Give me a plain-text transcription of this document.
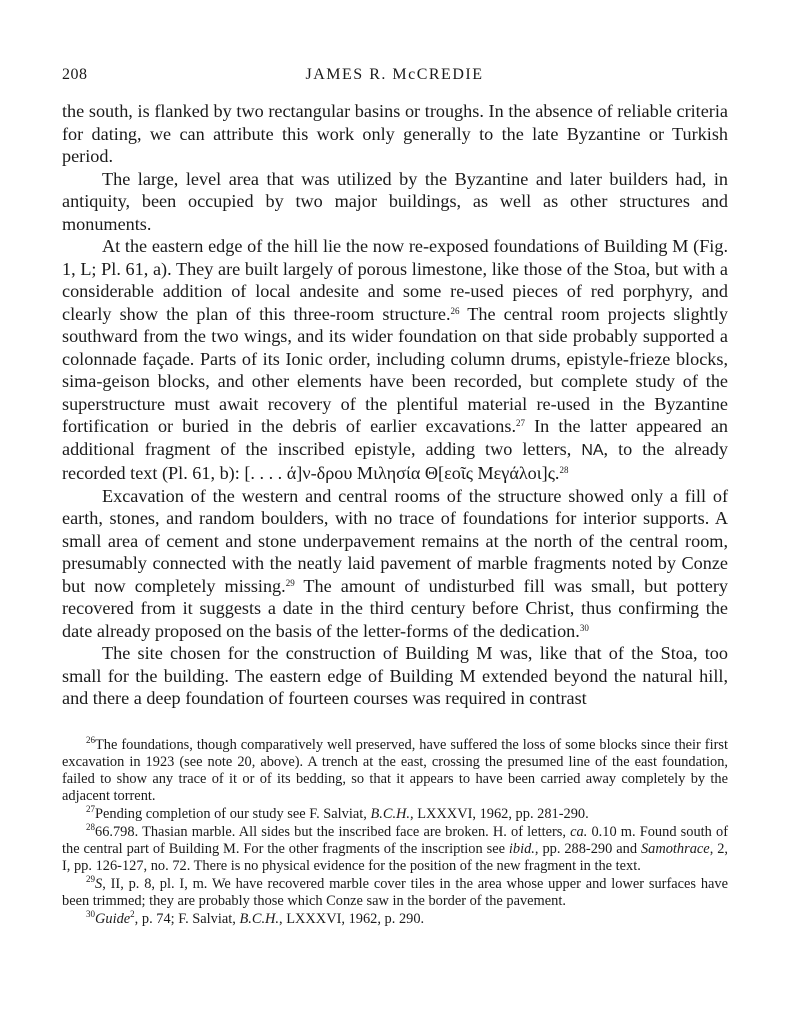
208	JAMES R. McCREDIE

the south, is flanked by two rectangular basins or troughs. In the absence of reliable criteria for dating, we can attribute this work only generally to the late Byzantine or Turkish period.

The large, level area that was utilized by the Byzantine and later builders had, in antiquity, been occupied by two major buildings, as well as other structures and monuments.

At the eastern edge of the hill lie the now re-exposed foundations of Building M (Fig. 1, L; Pl. 61, a). They are built largely of porous limestone, like those of the Stoa, but with a considerable addition of local andesite and some re-used pieces of red porphyry, and clearly show the plan of this three-room structure.$^{26}$ The central room projects slightly southward from the two wings, and its wider foundation on that side probably supported a colonnade façade. Parts of its Ionic order, including column drums, epistyle-frieze blocks, sima-geison blocks, and other elements have been recorded, but complete study of the superstructure must await recovery of the plentiful material re-used in the Byzantine fortification or buried in the debris of earlier excavations.$^{27}$ In the latter appeared an additional fragment of the inscribed epistyle, adding two letters, NA, to the already recorded text (Pl. 61, b): [. . . . ά]ν-δρου Μιλησία Θ[εοῖς Μεγάλοι]ς.$^{28}$

Excavation of the western and central rooms of the structure showed only a fill of earth, stones, and random boulders, with no trace of foundations for interior supports. A small area of cement and stone underpavement remains at the north of the central room, presumably connected with the neatly laid pavement of marble fragments noted by Conze but now completely missing.$^{29}$ The amount of undisturbed fill was small, but pottery recovered from it suggests a date in the third century before Christ, thus confirming the date already proposed on the basis of the letter-forms of the dedication.$^{30}$

The site chosen for the construction of Building M was, like that of the Stoa, too small for the building. The eastern edge of Building M extended beyond the natural hill, and there a deep foundation of fourteen courses was required in contrast

$^{26}$The foundations, though comparatively well preserved, have suffered the loss of some blocks since their first excavation in 1923 (see note 20, above). A trench at the east, crossing the presumed line of the east foundation, failed to show any trace of it or of its bedding, so that it appears to have been carried away completely by the adjacent torrent.

$^{27}$Pending completion of our study see F. Salviat, B.C.H., LXXXVI, 1962, pp. 281-290.

$^{28}$66.798. Thasian marble. All sides but the inscribed face are broken. H. of letters, ca. 0.10 m. Found south of the central part of Building M. For the other fragments of the inscription see ibid., pp. 288-290 and Samothrace, 2, I, pp. 126-127, no. 72. There is no physical evidence for the position of the new fragment in the text.

$^{29}$S, II, p. 8, pl. I, m. We have recovered marble cover tiles in the area whose upper and lower surfaces have been trimmed; they are probably those which Conze saw in the border of the pavement.

$^{30}$Guide$^2$, p. 74; F. Salviat, B.C.H., LXXXVI, 1962, p. 290.
